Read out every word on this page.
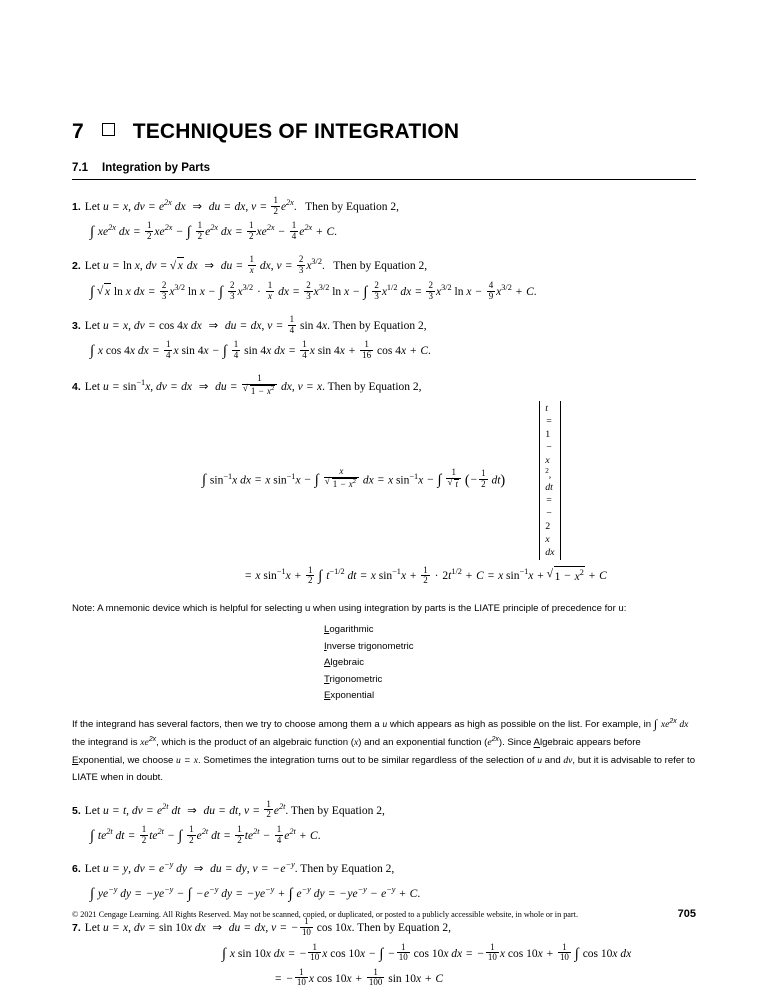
7 TECHNIQUES OF INTEGRATION
7.1 Integration by Parts
1. Let u = x, dv = $e^{2x}$ dx ⇒ du = dx, $v = \frac{1}{2} e^{2x}$.   Then by Equation 2,
∫ $xe^{2x}$ dx = $\frac{1}{2} xe^{2x}$ − ∫ $\frac{1}{2} e^{2x}$ dx = $\frac{1}{2} xe^{2x} - \frac{1}{4} e^{2x} + C$.
2. Let u = ln x, dv = √ x dx ⇒ du = $\frac{1}{x}$ dx, $v = \frac{2}{3} x^{3/2}$.   Then by Equation 2,
∫ √ x ln x dx = $\frac{2}{3} x^{3/2}$ ln x − ∫ $\frac{2}{3} x^{3/2} \cdot \frac{1}{x}$ dx = $\frac{2}{3} x^{3/2}$ ln x − ∫ $\frac{2}{3} x^{1/2}$ dx = $\frac{2}{3} x^{3/2}$ $\ln x - \frac{4}{9} x^{3/2} + C$.
3. Let u = x, dv = cos 4x dx ⇒ du = dx, $v = \frac{1}{4}$ sin 4x. Then by Equation 2,
∫ x cos 4x dx = $\frac{1}{4}$ x sin 4x − ∫ $\frac{1}{4}$ sin 4x dx = $\frac{1}{4}$ x $\sin 4x + \frac{1}{16}$ cos 4x + C.
4. Let $u = \sin^{-1}x$, dv = dx ⇒ du = 1
√ $1 - x^2$ dx, v = x. Then by Equation 2,
∫ $\sin^{-1}x$ dx = x $\sin^{-1}x$ − ∫ x
√ $1 - x^2$ dx = x $\sin^{-1}x$ − ∫ 1
√ t (− $\frac{1}{2} dt$)
t
=
1
−
x
$^2$,
dt
=
−
2
x
dx
= x $\sin^{-1}x + \frac{1}{2}$ ∫ $t^{-1/2}$ dt = x $\sin^{-1}x + \frac{1}{2} \cdot 2t^{1/2} + C = x$ $\sin^{-1}x$ + √ $1 - x^2 + C$
Note: A mnemonic device which is helpful for selecting u when using integration by parts is the LIATE principle of precedence for u:
Logarithmic
Inverse trigonometric
Algebraic
Trigonometric
Exponential
If the integrand has several factors, then we try to choose among them a u which appears as high as possible on the list. For example, in ∫ $xe^{2x}$ dx the integrand is $xe^{2x}$, which is the product of an algebraic function (x) and an exponential function $(e^{2x})$. Since Algebraic appears before Exponential, we choose u = x. Sometimes the integration turns out to be similar regardless of the selection of u and dv, but it is advisable to refer to LIATE when in doubt.
5. Let u = t, dv = $e^{2t}$ dt ⇒ du = dt, $v = \frac{1}{2} e^{2t}$. Then by Equation 2,
∫ $te^{2t}$ dt = $\frac{1}{2} te^{2t}$ − ∫ $\frac{1}{2} e^{2t}$ dt = $\frac{1}{2} te^{2t} - \frac{1}{4} e^{2t} + C$.
6. Let u = y, dv = $e^{-y}$ dy ⇒ du = dy, $v = -e^{-y}$. Then by Equation 2,
∫ $ye^{-y}$ dy = $-ye^{-y}$ − ∫ $-e^{-y}$ dy = $-ye^{-y}$ + ∫ $e^{-y}$ dy = $-ye^{-y} - e^{-y} + C$.
7. Let u = x, dv = sin 10x dx ⇒ du = dx, v = − $\frac{1}{10}$ cos 10x. Then by Equation 2,
∫ x sin 10x dx = − $\frac{1}{10}$ x cos 10x − ∫ − $\frac{1}{10}$ cos 10x dx = − $\frac{1}{10}$ x $\cos 10x + \frac{1}{10}$ ∫ cos 10x dx
= − $\frac{1}{10}$ x $\cos 10x + \frac{1}{100}$ sin 10x + C
© 2021 Cengage Learning. All Rights Reserved. May not be scanned, copied, or duplicated, or posted to a publicly accessible website, in whole or in part.	705
